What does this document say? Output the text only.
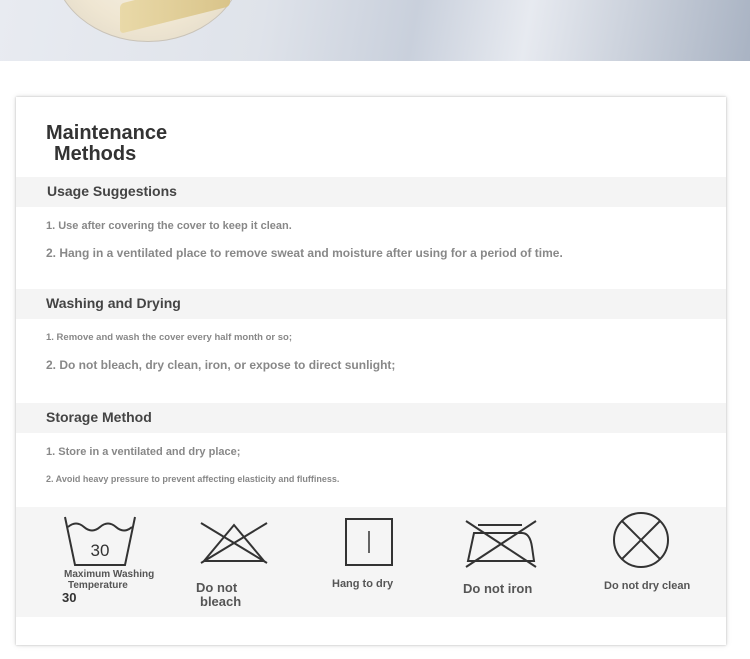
Maintenance
Methods
Usage Suggestions
1. Use after covering the cover to keep it clean.
2. Hang in a ventilated place to remove sweat and moisture after using for a period of time.
Washing and Drying
1. Remove and wash the cover every half month or so;
2. Do not bleach, dry clean, iron, or expose to direct sunlight;
Storage Method
1. Store in a ventilated and dry place;
2. Avoid heavy pressure to prevent affecting elasticity and fluffiness.
30
Maximum Washing
Temperature
30
Do not
bleach
Hang to dry	Do not iron	Do not dry clean
